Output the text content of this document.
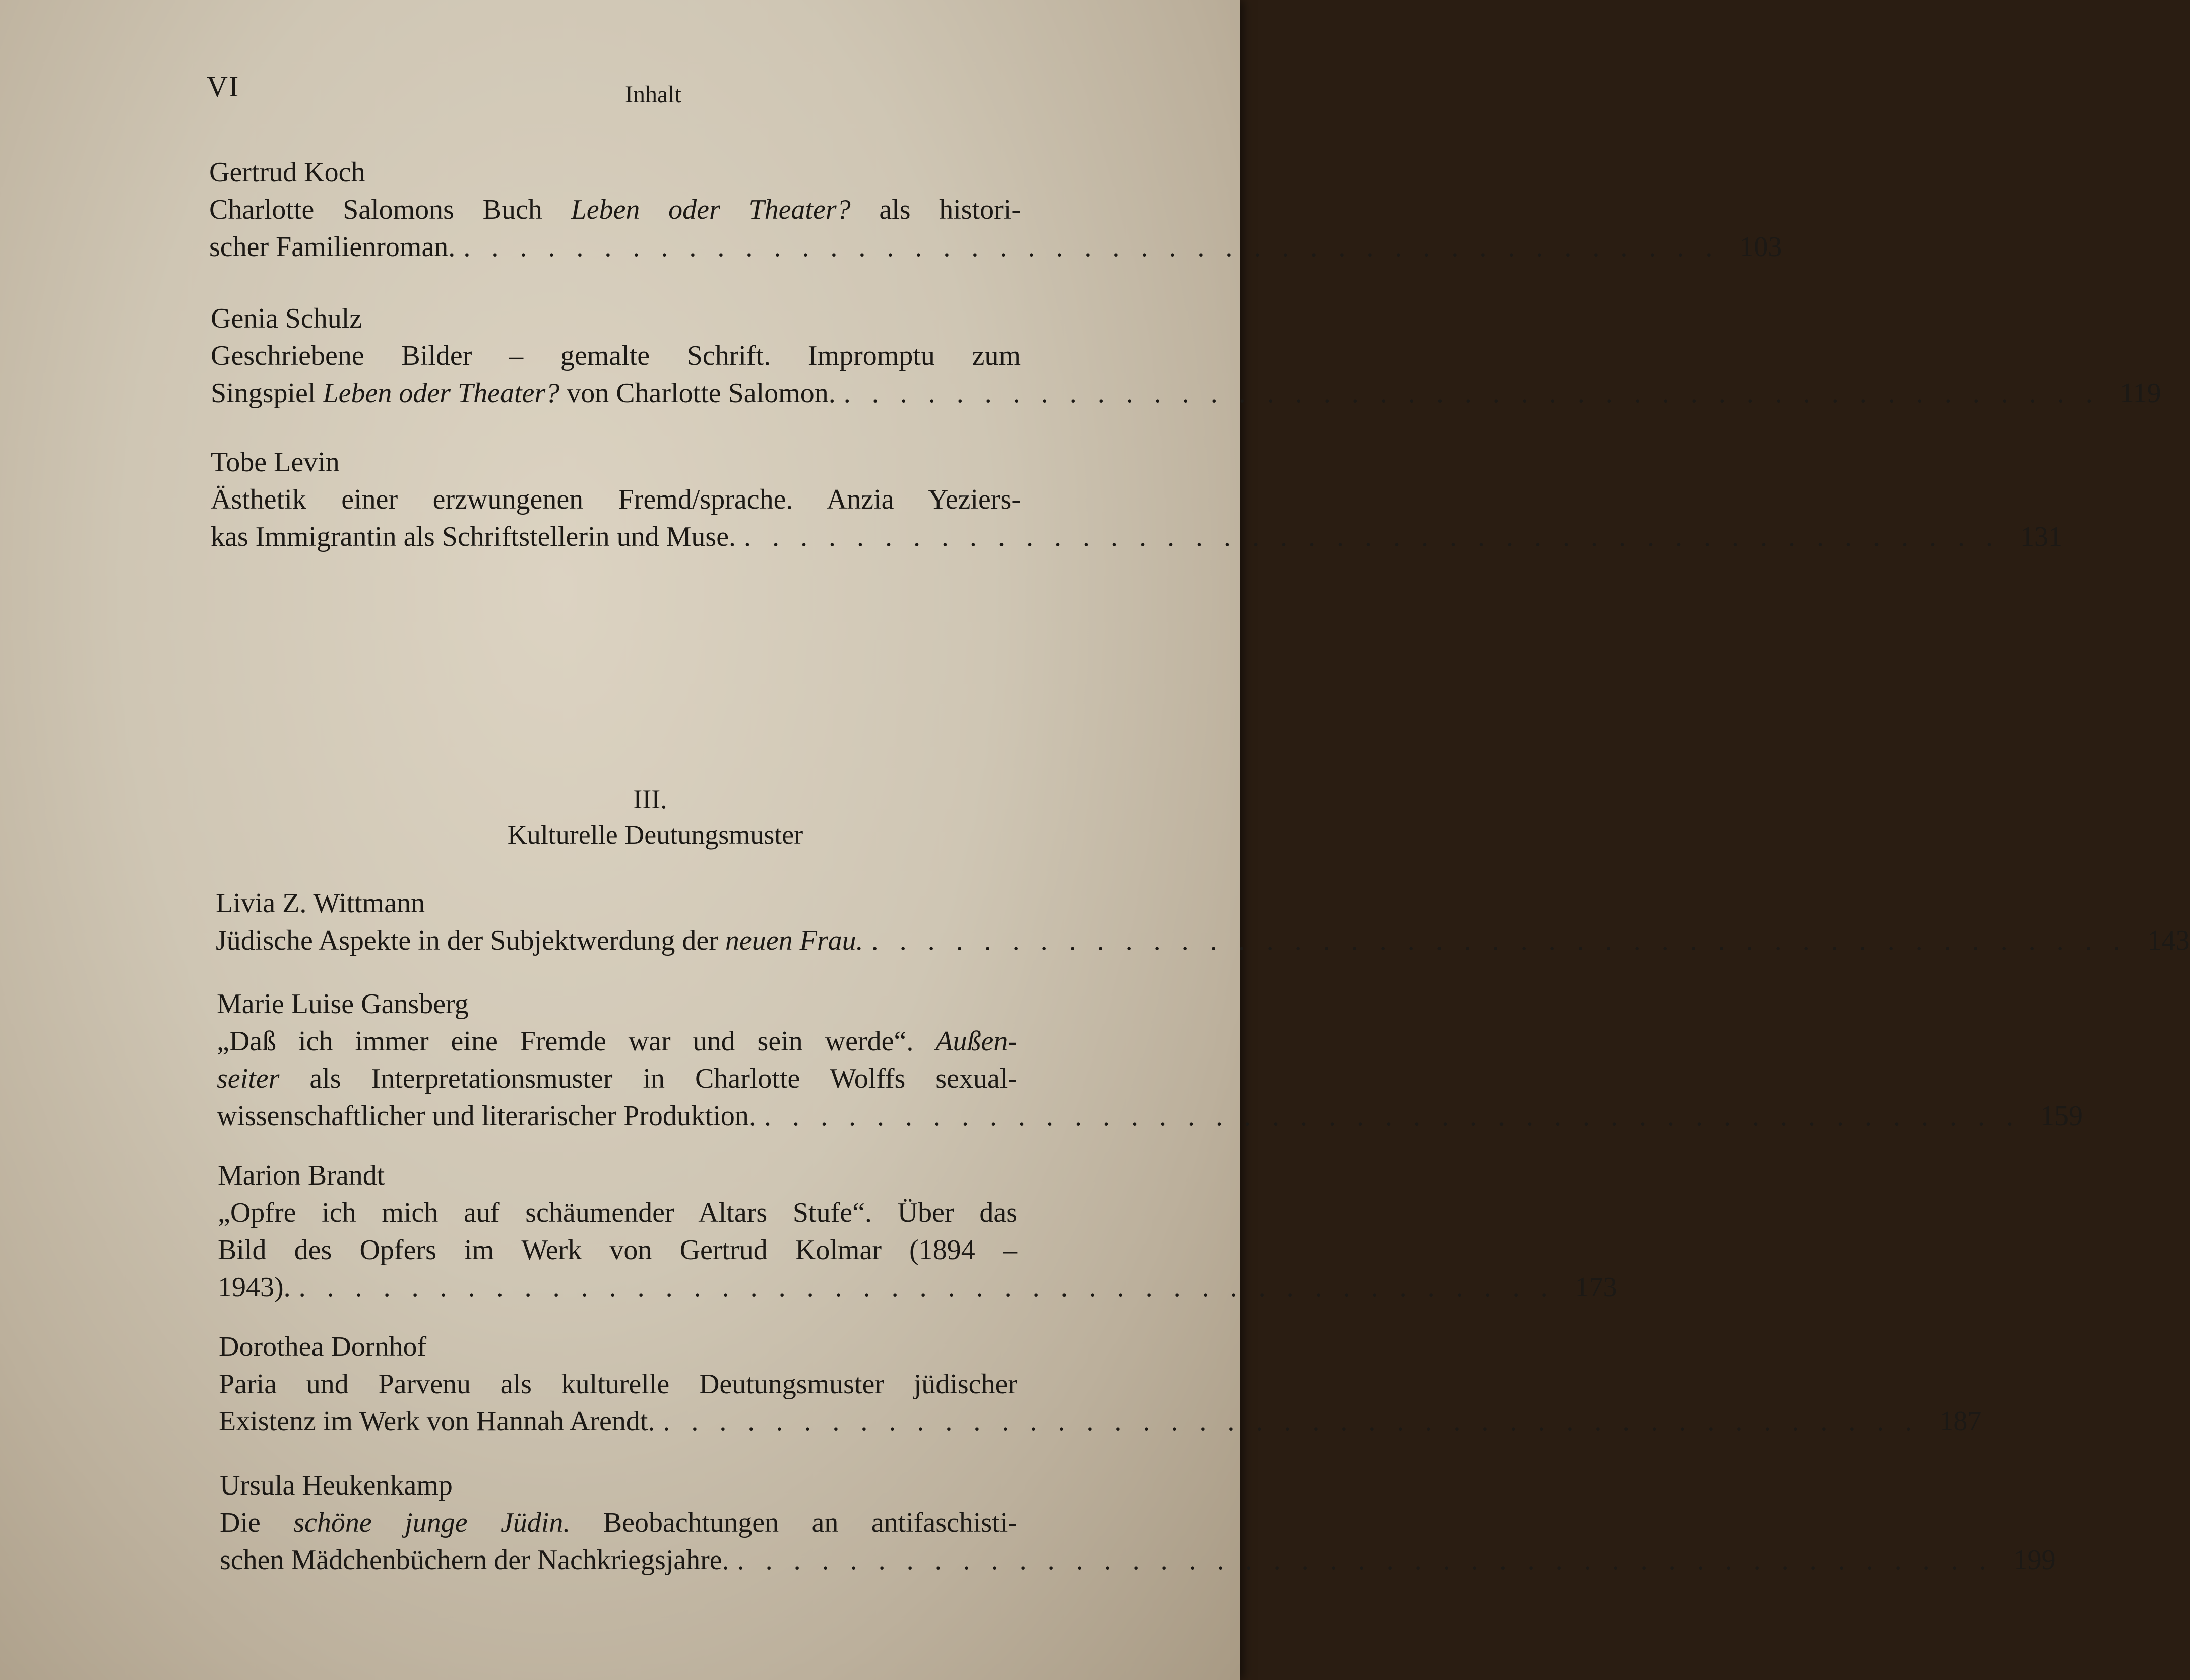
VI	Inhalt
Gertrud Koch
Charlotte Salomons Buch Leben oder Theater? als histori-
scher Familienroman. . . . . . . . . . . . . . . . . . . . . . . . . . . . . . . . . . . . . . . . . . . . . . 103
Genia Schulz
Geschriebene Bilder – gemalte Schrift. Impromptu zum
Singspiel Leben oder Theater? von Charlotte Salomon. . . . . . . . . . . . . . . . . . . . . . . . . . . . . . . . . . . . . . . . . . . . . . 119
Tobe Levin
Ästhetik einer erzwungenen Fremd/sprache. Anzia Yeziers-
kas Immigrantin als Schriftstellerin und Muse. . . . . . . . . . . . . . . . . . . . . . . . . . . . . . . . . . . . . . . . . . . . . . 131
III.
Kulturelle Deutungsmuster
Livia Z. Wittmann
Jüdische Aspekte in der Subjektwerdung der neuen Frau. . . . . . . . . . . . . . . . . . . . . . . . . . . . . . . . . . . . . . . . . . . . . . 143
Marie Luise Gansberg
„Daß ich immer eine Fremde war und sein werde“. Außen-
seiter als Interpretationsmuster in Charlotte Wolffs sexual-
wissenschaftlicher und literarischer Produktion. . . . . . . . . . . . . . . . . . . . . . . . . . . . . . . . . . . . . . . . . . . . . . 159
Marion Brandt
„Opfre ich mich auf schäumender Altars Stufe“. Über das
Bild des Opfers im Werk von Gertrud Kolmar (1894 –
1943). . . . . . . . . . . . . . . . . . . . . . . . . . . . . . . . . . . . . . . . . . . . . . 173
Dorothea Dornhof
Paria und Parvenu als kulturelle Deutungsmuster jüdischer
Existenz im Werk von Hannah Arendt. . . . . . . . . . . . . . . . . . . . . . . . . . . . . . . . . . . . . . . . . . . . . . 187
Ursula Heukenkamp
Die schöne junge Jüdin. Beobachtungen an antifaschisti-
schen Mädchenbüchern der Nachkriegsjahre. . . . . . . . . . . . . . . . . . . . . . . . . . . . . . . . . . . . . . . . . . . . . . 199
